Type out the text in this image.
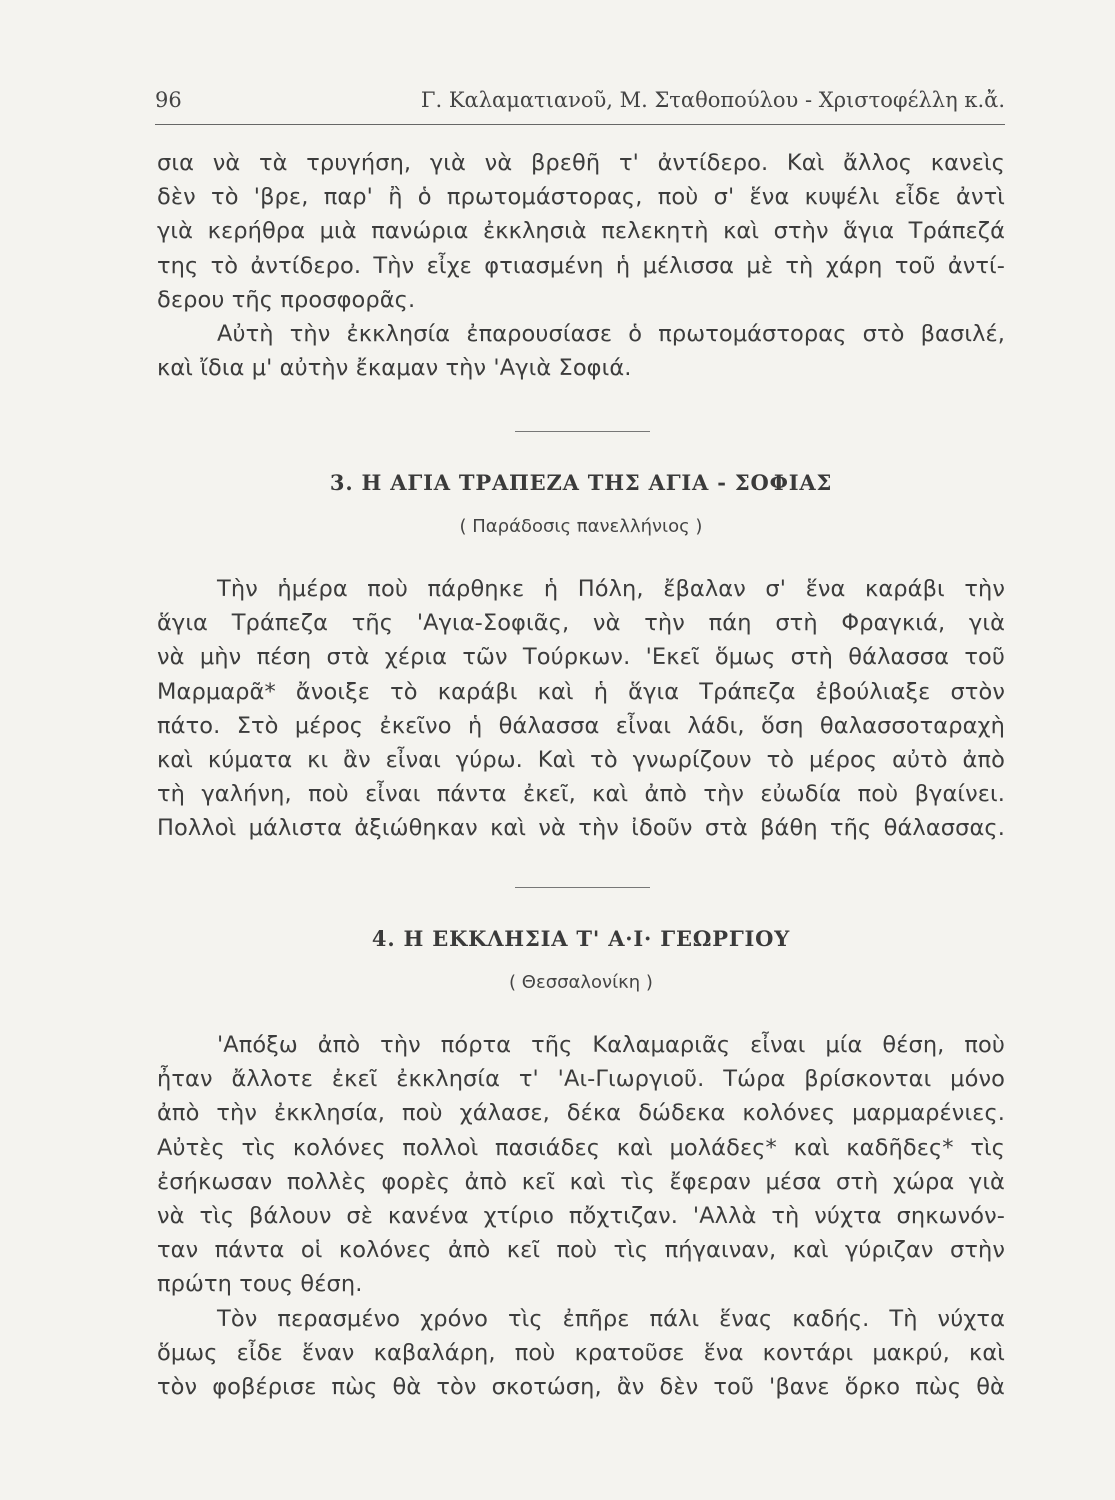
96	Γ. Καλαματιανοῦ, Μ. Σταθοπούλου - Χριστοφέλλη κ.ἄ.
σια νὰ τὰ τρυγήση, γιὰ νὰ βρεθῆ τ' ἀντίδερο. Καὶ ἄλλος κανεὶς
δὲν τὸ 'βρε, παρ' ἢ ὁ πρωτομάστορας, ποὺ σ' ἕνα κυψέλι εἶδε ἀντὶ
γιὰ κερήθρα μιὰ πανώρια ἐκκλησιὰ πελεκητὴ καὶ στὴν ἅγια Τράπεζά
της τὸ ἀντίδερο. Τὴν εἶχε φτιασμένη ἡ μέλισσα μὲ τὴ χάρη τοῦ ἀντί-
δερου τῆς προσφορᾶς.
Αὐτὴ τὴν ἐκκλησία ἐπαρουσίασε ὁ πρωτομάστορας στὸ βασιλέ,
καὶ ἴδια μ' αὐτὴν ἔκαμαν τὴν 'Αγιὰ Σοφιά.
3. Η ΑΓΙΑ ΤΡΑΠΕΖΑ ΤΗΣ ΑΓΙΑ - ΣΟΦΙΑΣ
( Παράδοσις πανελλήνιος )
Τὴν ἡμέρα ποὺ πάρθηκε ἡ Πόλη, ἔβαλαν σ' ἕνα καράβι τὴν
ἅγια Τράπεζα τῆς 'Αγια-Σοφιᾶς, νὰ τὴν πάη στὴ Φραγκιά, γιὰ
νὰ μὴν πέση στὰ χέρια τῶν Τούρκων. 'Εκεῖ ὅμως στὴ θάλασσα τοῦ
Μαρμαρᾶ* ἄνοιξε τὸ καράβι καὶ ἡ ἅγια Τράπεζα ἐβούλιαξε στὸν
πάτο. Στὸ μέρος ἐκεῖνο ἡ θάλασσα εἶναι λάδι, ὅση θαλασσοταραχὴ
καὶ κύματα κι ἂν εἶναι γύρω. Καὶ τὸ γνωρίζουν τὸ μέρος αὐτὸ ἀπὸ
τὴ γαλήνη, ποὺ εἶναι πάντα ἐκεῖ, καὶ ἀπὸ τὴν εὐωδία ποὺ βγαίνει.
Πολλοὶ μάλιστα ἀξιώθηκαν καὶ νὰ τὴν ἰδοῦν στὰ βάθη τῆς θάλασσας.
4. Η ΕΚΚΛΗΣΙΑ Τ' Α·Ι· ΓΕΩΡΓΙΟΥ
( Θεσσαλονίκη )
'Απόξω ἀπὸ τὴν πόρτα τῆς Καλαμαριᾶς εἶναι μία θέση, ποὺ
ἦταν ἄλλοτε ἐκεῖ ἐκκλησία τ' 'Αι-Γιωργιοῦ. Τώρα βρίσκονται μόνο
ἀπὸ τὴν ἐκκλησία, ποὺ χάλασε, δέκα δώδεκα κολόνες μαρμαρένιες.
Αὐτὲς τὶς κολόνες πολλοὶ πασιάδες καὶ μολάδες* καὶ καδῆδες* τὶς
ἐσήκωσαν πολλὲς φορὲς ἀπὸ κεῖ καὶ τὶς ἔφεραν μέσα στὴ χώρα γιὰ
νὰ τὶς βάλουν σὲ κανένα χτίριο πὄχτιζαν. 'Αλλὰ τὴ νύχτα σηκωνόν-
ταν πάντα οἱ κολόνες ἀπὸ κεῖ ποὺ τὶς πήγαιναν, καὶ γύριζαν στὴν
πρώτη τους θέση.
Τὸν περασμένο χρόνο τὶς ἐπῆρε πάλι ἕνας καδής. Τὴ νύχτα
ὅμως εἶδε ἕναν καβαλάρη, ποὺ κρατοῦσε ἕνα κοντάρι μακρύ, καὶ
τὸν φοβέρισε πὼς θὰ τὸν σκοτώση, ἂν δὲν τοῦ 'βανε ὅρκο πὼς θὰ
